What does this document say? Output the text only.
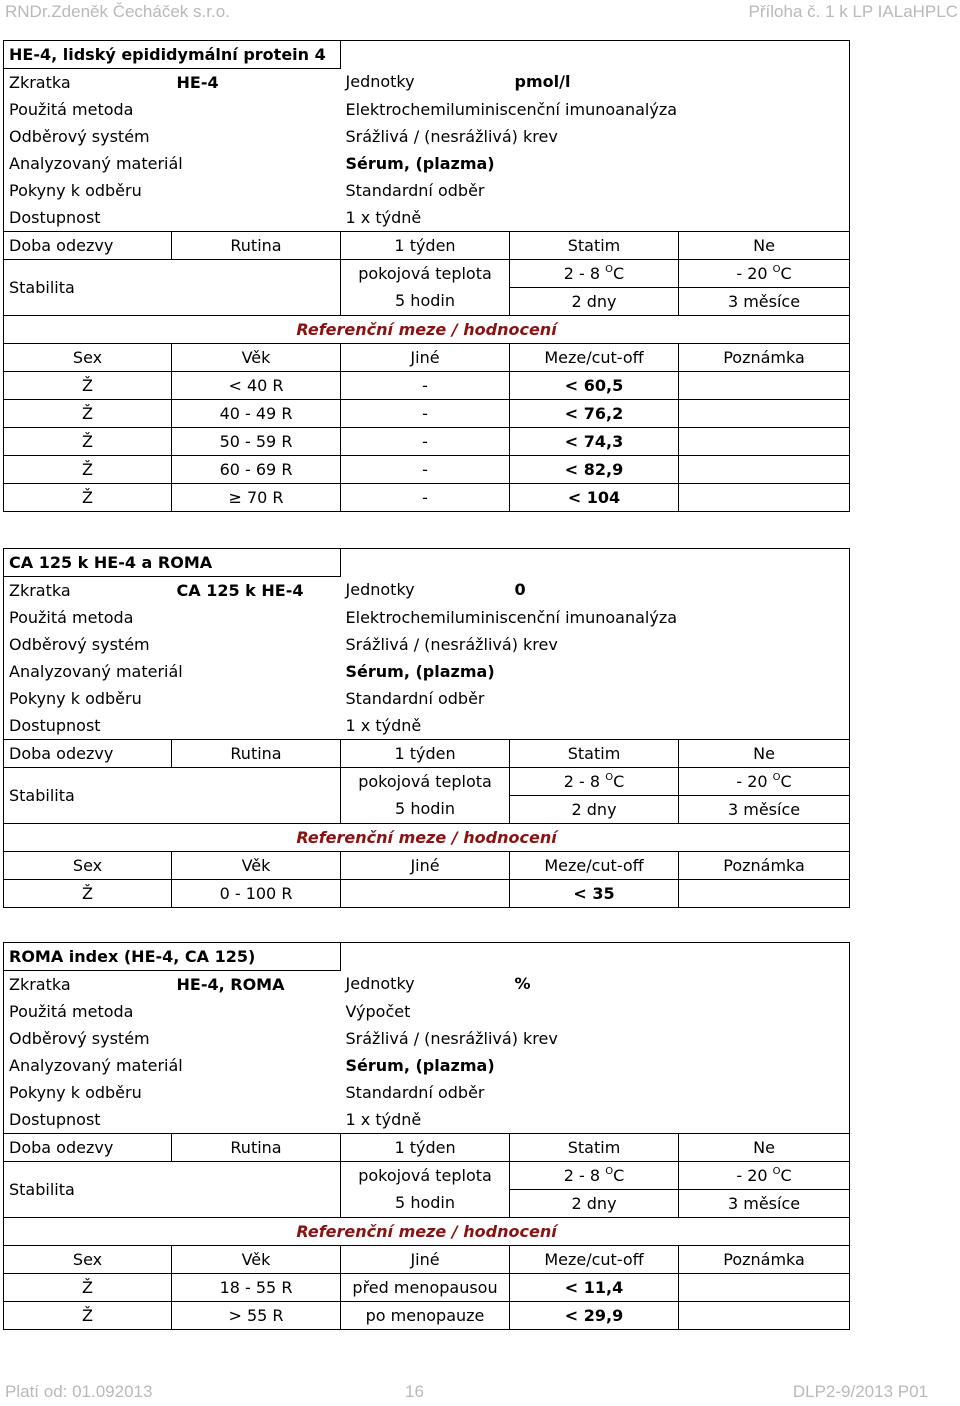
RNDr.Zdeněk Čecháček s.r.o.	Příloha č. 1 k LP IALaHPLC
HE-4, lidský epididymální protein 4				
Zkratka	HE-4	Jednotky	pmol/l	
Použitá metoda		Elektrochemiluminiscenční imunoanalýza		
Odběrový systém		Srážlivá / (nesrážlivá) krev		
Analyzovaný materiál		Sérum, (plazma)		
Pokyny k odběru		Standardní odběr		
Dostupnost		1 x týdně		
Doba odezvy	Rutina	1 týden	Statim	Ne
Stabilita		pokojová teplota	2 - 8 $^O$C	- 20 $^O$C
		5 hodin	2 dny	3 měsíce
Referenční meze / hodnocení				
Sex	Věk	Jiné	Meze/cut-off	Poznámka
Ž	< 40 R	-	< 60,5	
Ž	40 - 49 R	-	< 76,2	
Ž	50 - 59 R	-	< 74,3	
Ž	60 - 69 R	-	< 82,9	
Ž	≥ 70 R	-	< 104	
CA 125 k HE-4 a ROMA				
Zkratka	CA 125 k HE-4	Jednotky	0	
Použitá metoda		Elektrochemiluminiscenční imunoanalýza		
Odběrový systém		Srážlivá / (nesrážlivá) krev		
Analyzovaný materiál		Sérum, (plazma)		
Pokyny k odběru		Standardní odběr		
Dostupnost		1 x týdně		
Doba odezvy	Rutina	1 týden	Statim	Ne
Stabilita		pokojová teplota	2 - 8 $^O$C	- 20 $^O$C
		5 hodin	2 dny	3 měsíce
Referenční meze / hodnocení				
Sex	Věk	Jiné	Meze/cut-off	Poznámka
Ž	0 - 100 R		< 35	
ROMA index (HE-4, CA 125)				
Zkratka	HE-4, ROMA	Jednotky	%	
Použitá metoda		Výpočet		
Odběrový systém		Srážlivá / (nesrážlivá) krev		
Analyzovaný materiál		Sérum, (plazma)		
Pokyny k odběru		Standardní odběr		
Dostupnost		1 x týdně		
Doba odezvy	Rutina	1 týden	Statim	Ne
Stabilita		pokojová teplota	2 - 8 $^O$C	- 20 $^O$C
		5 hodin	2 dny	3 měsíce
Referenční meze / hodnocení				
Sex	Věk	Jiné	Meze/cut-off	Poznámka
Ž	18 - 55 R	před menopausou	< 11,4	
Ž	> 55 R	po menopauze	< 29,9	
Platí od: 01.092013	16	DLP2-9/2013 P01
